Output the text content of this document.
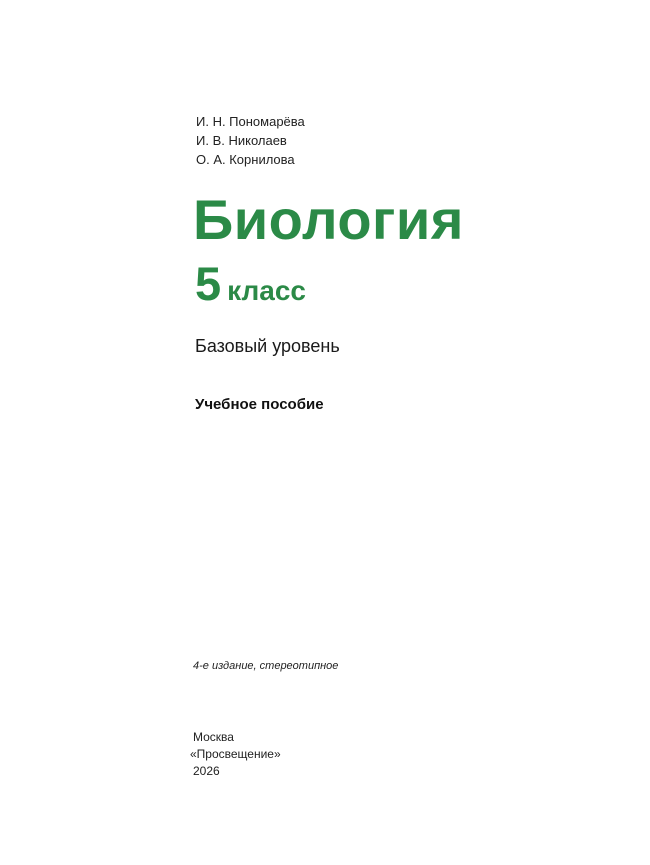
И. Н. Пономарёва
И. В. Николаев
О. А. Корнилова
Биология
5 класс
Базовый уровень
Учебное пособие
4-е издание, стереотипное
Москва
«Просвещение»
2026
